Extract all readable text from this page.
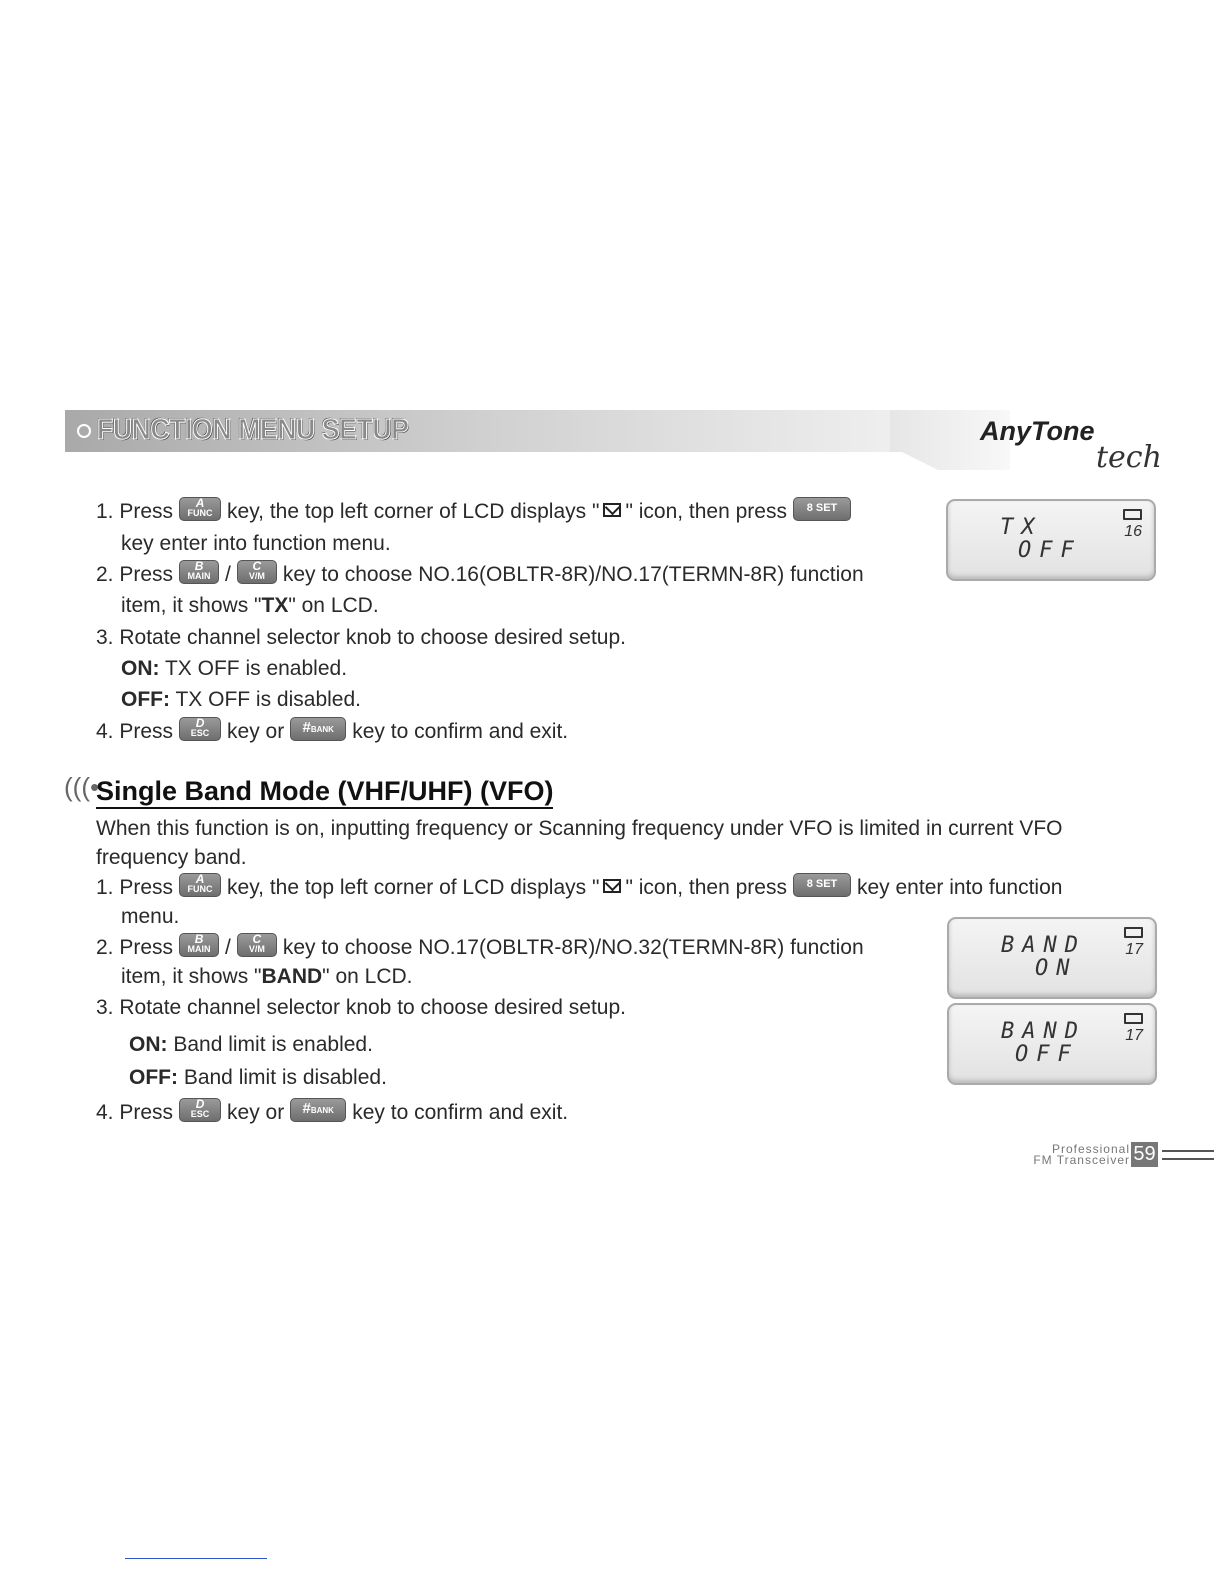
FUNCTION MENU SETUP	AnyTone
tech
1. Press	A
FUNC key, the top left corner of LCD displays " " icon, then press 8 SET
key enter into function menu.
2. Press	B
MAIN /	C
V/M key to choose NO.16(OBLTR-8R)/NO.17(TERMN-8R) function
item, it shows "TX" on LCD.
3. Rotate channel selector knob to choose desired setup.
ON: TX OFF is enabled.
OFF: TX OFF is disabled.
4. Press	D
ESC key or #BANK key to confirm and exit.
TX
OFF
16
(((•
Single Band Mode (VHF/UHF) (VFO)
When this function is on, inputting frequency or Scanning frequency under VFO is limited in current VFO
frequency band.
1. Press	A
FUNC key, the top left corner of LCD displays " " icon, then press 8 SET key enter into function
menu.
2. Press	B
MAIN /	C
V/M key to choose NO.17(OBLTR-8R)/NO.32(TERMN-8R) function
item, it shows "BAND" on LCD.
3. Rotate channel selector knob to choose desired setup.
ON: Band limit is enabled.
OFF: Band limit is disabled.
4. Press	D
ESC key or #BANK key to confirm and exit.
BAND
ON
17
BAND
OFF
17
Professional
FM Transceiver 59
